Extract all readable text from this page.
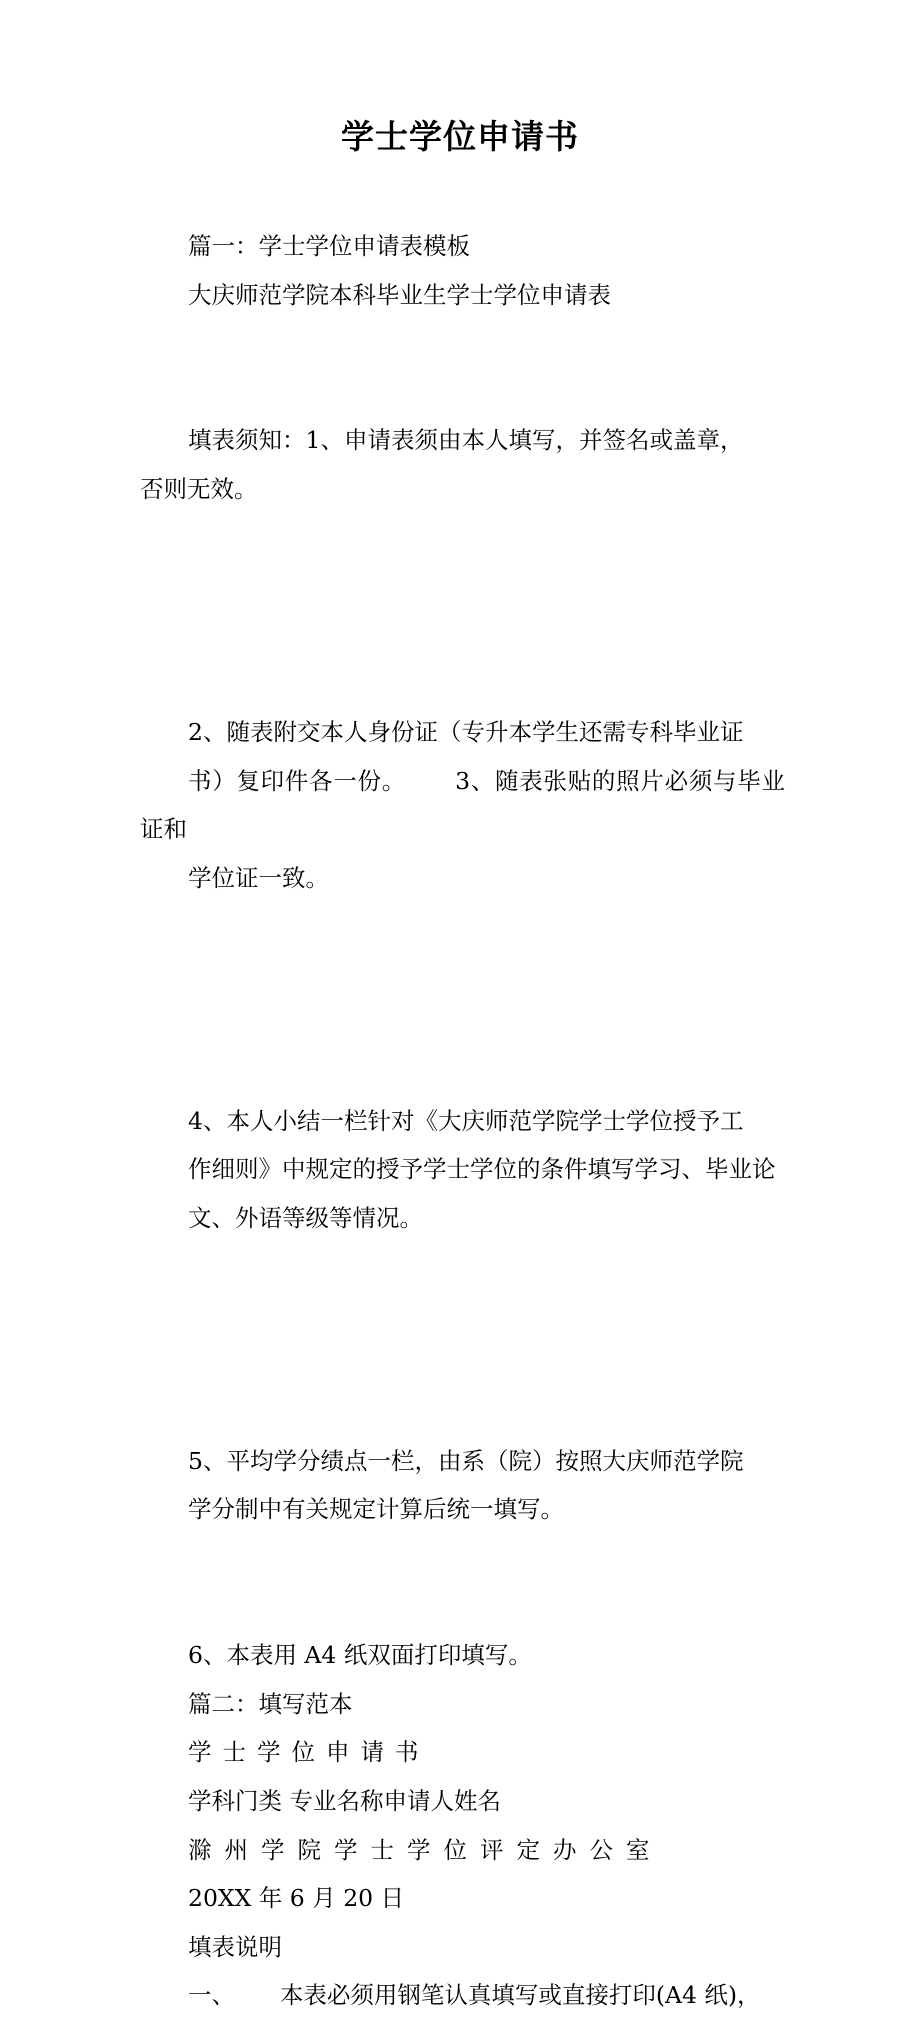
学士学位申请书

篇一：学士学位申请表模板

大庆师范学院本科毕业生学士学位申请表

填表须知：1、申请表须由本人填写，并签名或盖章，
否则无效。

2、随表附交本人身份证（专升本学生还需专科毕业证
书）复印件各一份。      3、随表张贴的照片必须与毕业证和
学位证一致。

4、本人小结一栏针对《大庆师范学院学士学位授予工
作细则》中规定的授予学士学位的条件填写学习、毕业论
文、外语等级等情况。

5、平均学分绩点一栏，由系（院）按照大庆师范学院
学分制中有关规定计算后统一填写。

6、本表用 A4 纸双面打印填写。

篇二：填写范本

学士学位申请书

学科门类 专业名称申请人姓名

滁州学院学士学位评定办公室

20XX 年 6 月 20 日

填表说明

一、      本表必须用钢笔认真填写或直接打印(A4 纸)，
